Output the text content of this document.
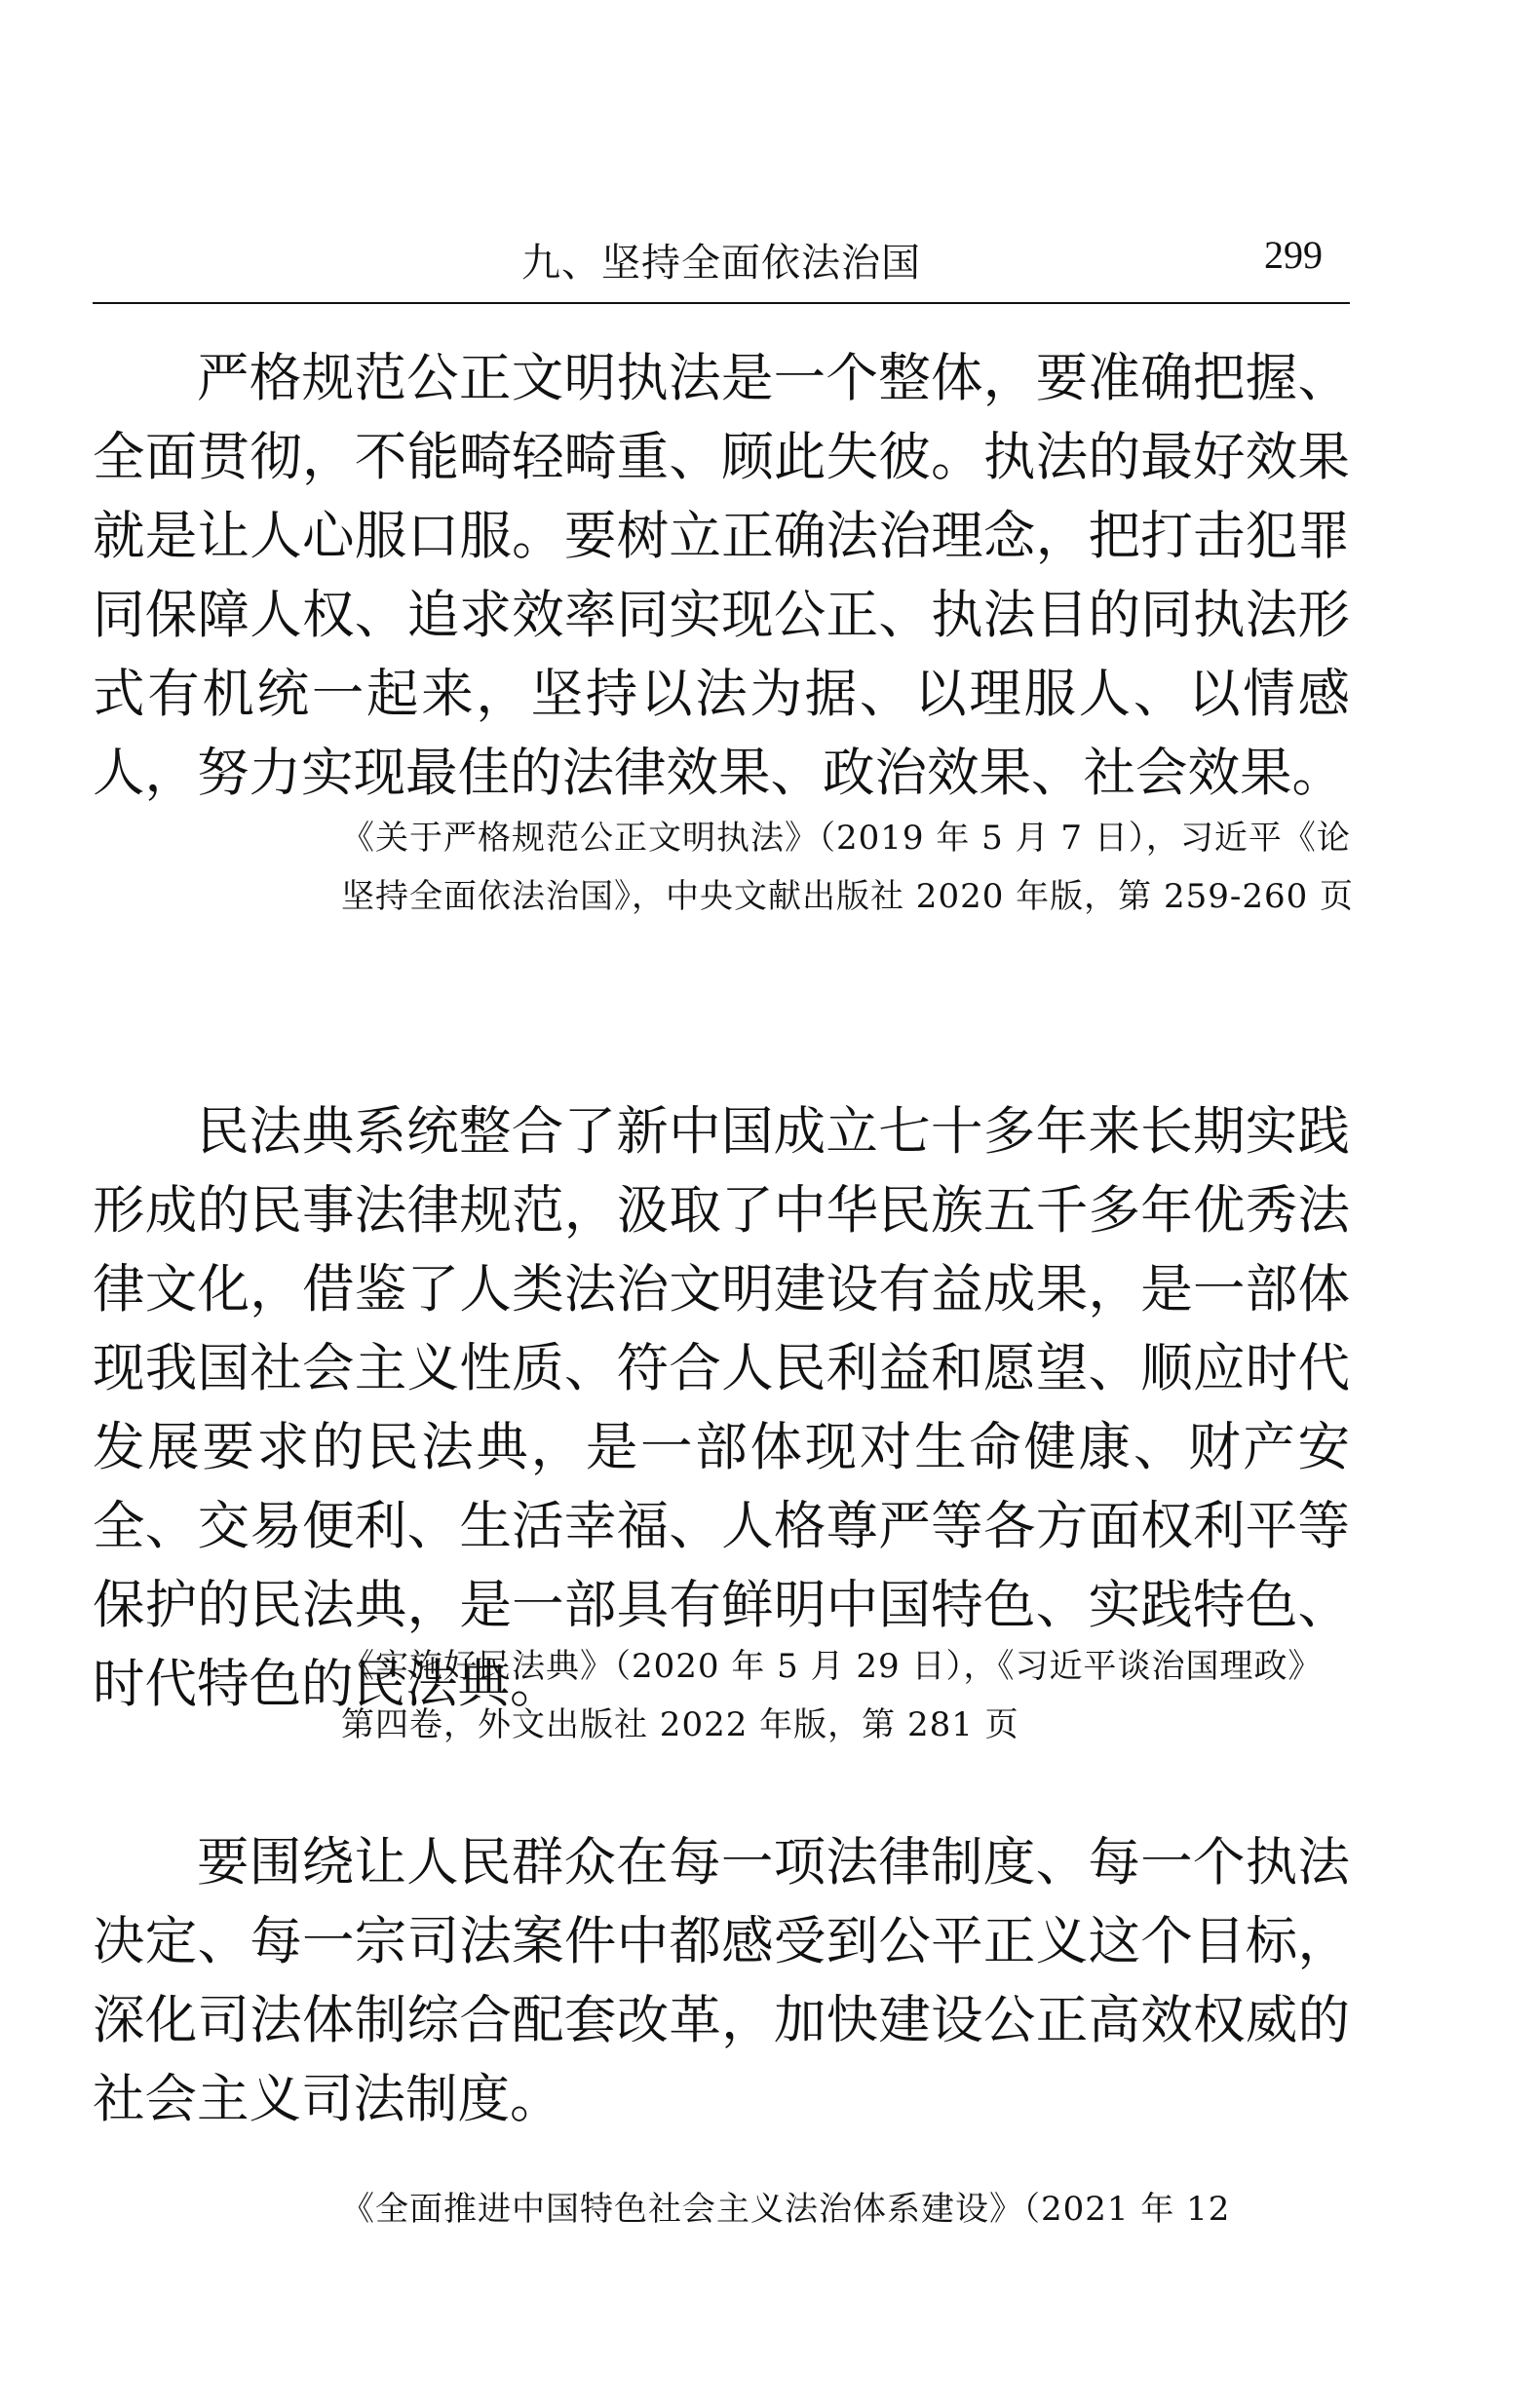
九、坚持全面依法治国	299

严格规范公正文明执法是一个整体，要准确把握、全面贯彻，不能畸轻畸重、顾此失彼。执法的最好效果就是让人心服口服。要树立正确法治理念，把打击犯罪同保障人权、追求效率同实现公正、执法目的同执法形式有机统一起来，坚持以法为据、以理服人、以情感人，努力实现最佳的法律效果、政治效果、社会效果。

《关于严格规范公正文明执法》（2019 年 5 月 7 日），习近平《论坚持全面依法治国》，中央文献出版社 2020 年版，第 259-260 页

民法典系统整合了新中国成立七十多年来长期实践形成的民事法律规范，汲取了中华民族五千多年优秀法律文化，借鉴了人类法治文明建设有益成果，是一部体现我国社会主义性质、符合人民利益和愿望、顺应时代发展要求的民法典，是一部体现对生命健康、财产安全、交易便利、生活幸福、人格尊严等各方面权利平等保护的民法典，是一部具有鲜明中国特色、实践特色、时代特色的民法典。

《实施好民法典》（2020 年 5 月 29 日），《习近平谈治国理政》第四卷，外文出版社 2022 年版，第 281 页

要围绕让人民群众在每一项法律制度、每一个执法决定、每一宗司法案件中都感受到公平正义这个目标，深化司法体制综合配套改革，加快建设公正高效权威的社会主义司法制度。

《全面推进中国特色社会主义法治体系建设》（2021 年 12
